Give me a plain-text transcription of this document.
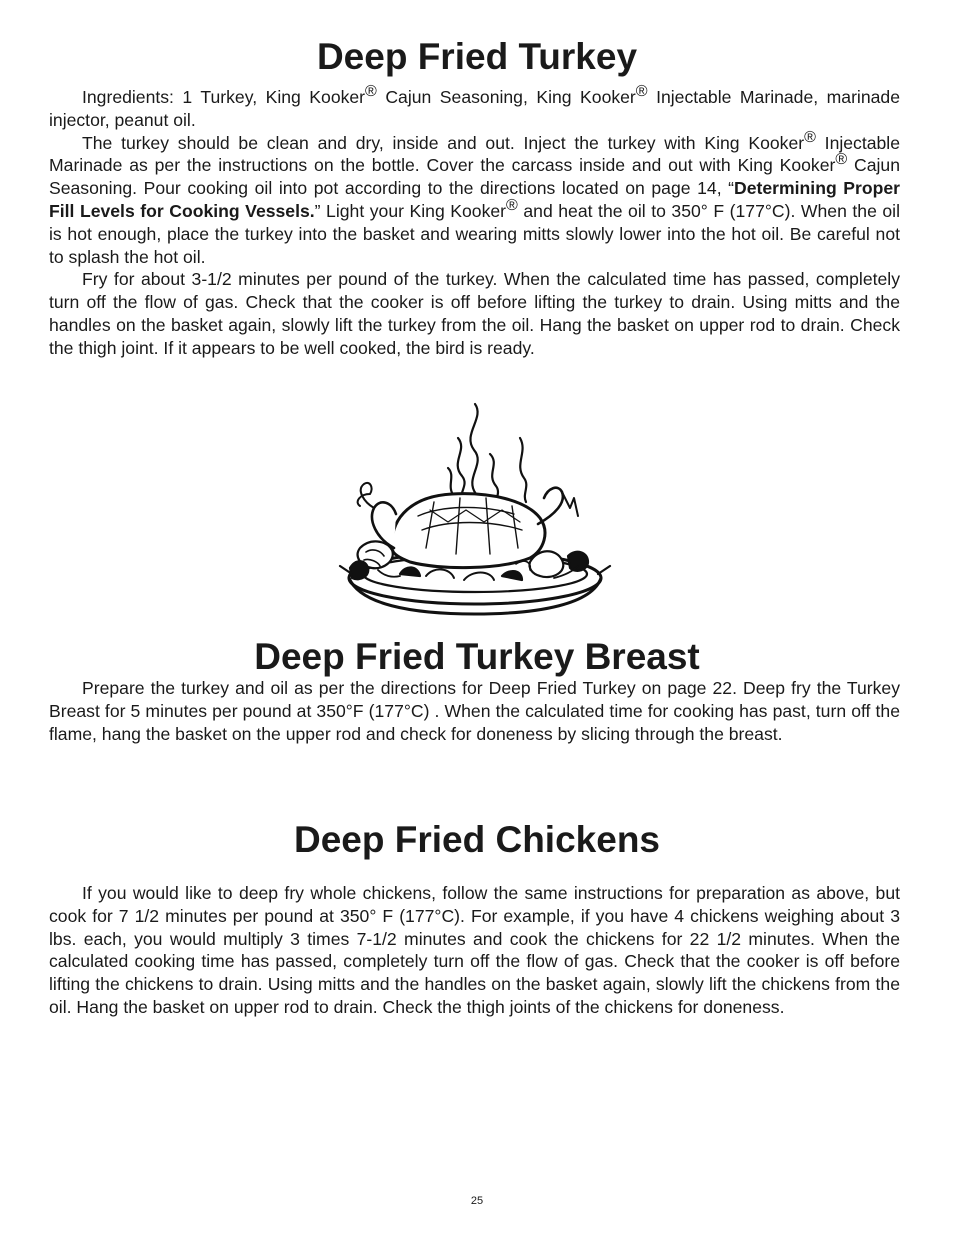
Deep Fried Turkey

Ingredients: 1 Turkey, King Kooker® Cajun Seasoning, King Kooker® Injectable Marinade, marinade injector, peanut oil.

The turkey should be clean and dry, inside and out. Inject the turkey with King Kooker® Injectable Marinade as per the instructions on the bottle. Cover the carcass inside and out with King Kooker® Cajun Seasoning. Pour cooking oil into pot according to the directions located on page 14, “Determining Proper Fill Levels for Cooking Vessels.” Light your King Kooker® and heat the oil to 350° F (177°C). When the oil is hot enough, place the turkey into the basket and wearing mitts slowly lower into the hot oil. Be careful not to splash the hot oil.

Fry for about 3-1/2 minutes per pound of the turkey. When the calculated time has passed, completely turn off the flow of gas. Check that the cooker is off before lifting the turkey to drain. Using mitts and the handles on the basket again, slowly lift the turkey from the oil. Hang the basket on upper rod to drain. Check the thigh joint. If it appears to be well cooked, the bird is ready.

Deep Fried Turkey Breast

Prepare the turkey and oil as per the directions for Deep Fried Turkey on page 22. Deep fry the Turkey Breast for 5 minutes per pound at 350°F (177°C) . When the calculated time for cooking has past, turn off the flame, hang the basket on the upper rod and check for doneness by slicing through the breast.

Deep Fried Chickens

If you would like to deep fry whole chickens, follow the same instructions for preparation as above, but cook for 7 1/2 minutes per pound at 350° F (177°C). For example, if you have 4 chickens weighing about 3 lbs. each, you would multiply 3 times 7-1/2 minutes and cook the chickens for 22 1/2 minutes. When the calculated cooking time has passed, completely turn off the flow of gas. Check that the cooker is off before lifting the chickens to drain. Using mitts and the handles on the basket again, slowly lift the chickens from the oil. Hang the basket on upper rod to drain. Check the thigh joints of the chickens for doneness.

25
